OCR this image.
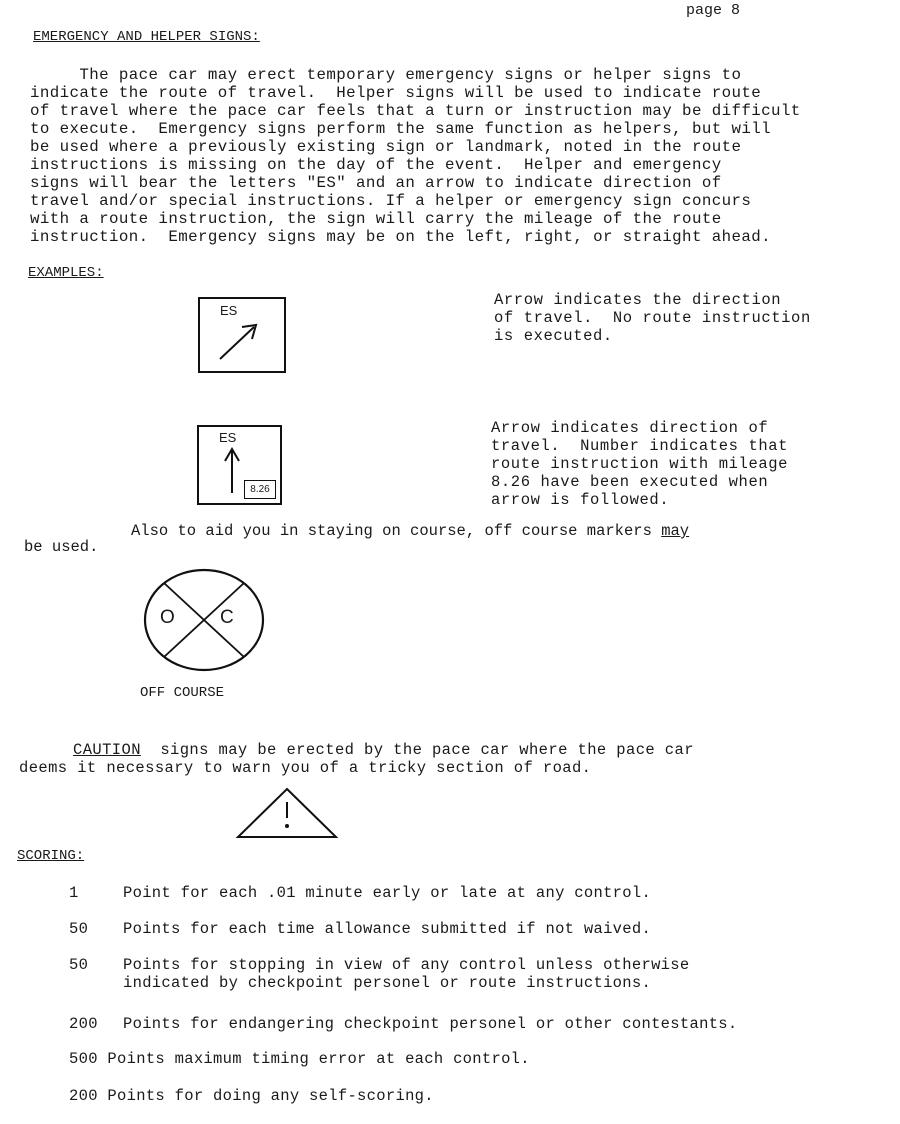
page 8
EMERGENCY AND HELPER SIGNS:
The pace car may erect temporary emergency signs or helper signs to
indicate the route of travel.  Helper signs will be used to indicate route
of travel where the pace car feels that a turn or instruction may be difficult
to execute.  Emergency signs perform the same function as helpers, but will
be used where a previously existing sign or landmark, noted in the route
instructions is missing on the day of the event.  Helper and emergency
signs will bear the letters "ES" and an arrow to indicate direction of
travel and/or special instructions. If a helper or emergency sign concurs
with a route instruction, the sign will carry the mileage of the route
instruction.  Emergency signs may be on the left, right, or straight ahead.
EXAMPLES:
ES
Arrow indicates the direction
of travel.  No route instruction
is executed.
ES
8.26
Arrow indicates direction of
travel.  Number indicates that
route instruction with mileage
8.26 have been executed when
arrow is followed.
Also to aid you in staying on course, off course markers may
be used.
O C
OFF COURSE
CAUTION  signs may be erected by the pace car where the pace car
deems it necessary to warn you of a tricky section of road.
SCORING:
1	Point for each .01 minute early or late at any control.
50 Points for each time allowance submitted if not waived.
50 Points for stopping in view of any control unless otherwise
indicated by checkpoint personel or route instructions.
200 Points for endangering checkpoint personel or other contestants.
500 Points maximum timing error at each control.
200 Points for doing any self-scoring.
